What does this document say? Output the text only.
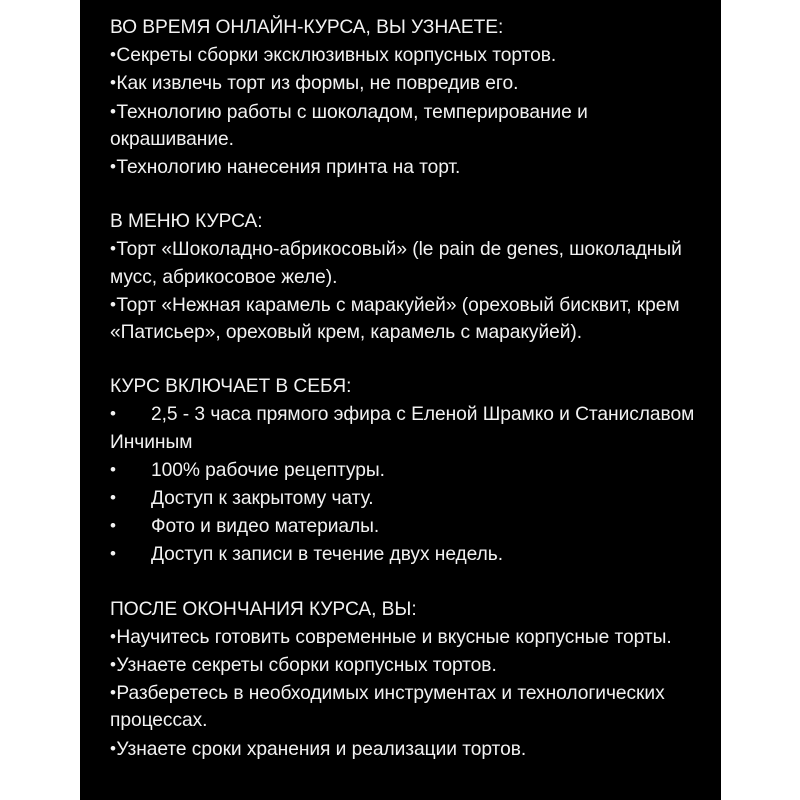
ВО ВРЕМЯ ОНЛАЙН-КУРСА, ВЫ УЗНАЕТЕ:

• Секреты сборки эксклюзивных корпусных тортов.

• Как извлечь торт из формы, не повредив его.

• Технологию работы с шоколадом, темперирование и окрашивание.

• Технологию нанесения принта на торт.

В МЕНЮ КУРСА:

• Торт «Шоколадно-абрикосовый» (le pain de genes, шоколадный мусс, абрикосовое желе).

• Торт «Нежная карамель с маракуйей» (ореховый бисквит, крем «Патисьер», ореховый крем, карамель с маракуйей).

КУРС ВКЛЮЧАЕТ В СЕБЯ:

• 2,5 - 3 часа прямого эфира с Еленой Шрамко и Станиславом Инчиным

• 100% рабочие рецептуры.

• Доступ к закрытому чату.

• Фото и видео материалы.

• Доступ к записи в течение двух недель.

ПОСЛЕ ОКОНЧАНИЯ КУРСА, ВЫ:

• Научитесь готовить современные и вкусные корпусные торты.

• Узнаете секреты сборки корпусных тортов.

• Разберетесь в необходимых инструментах и технологических процессах.

• Узнаете сроки хранения и реализации тортов.
